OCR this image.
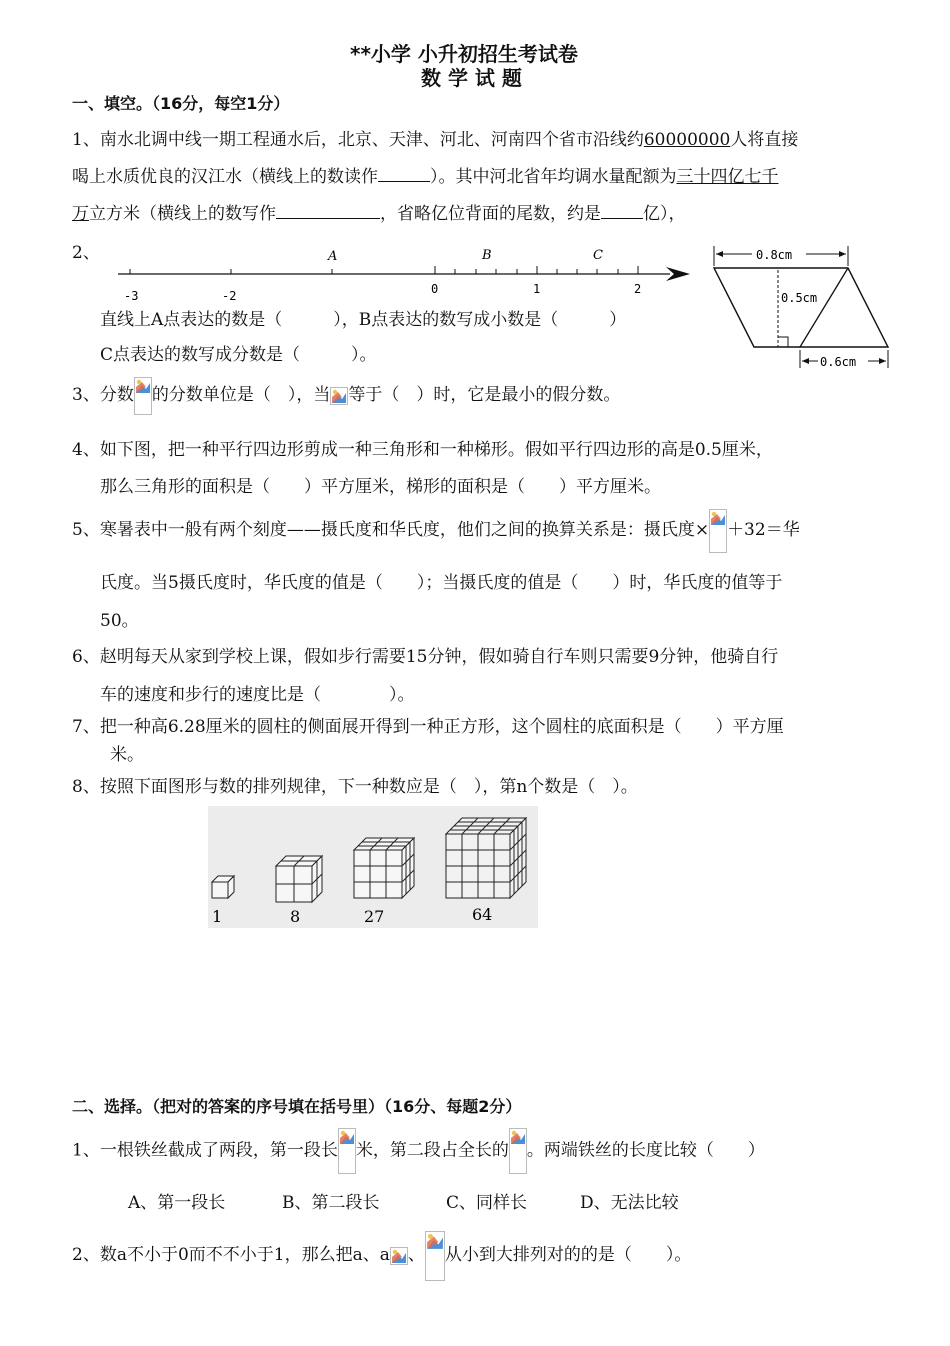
**小学 小升初招生考试卷
数 学 试 题
一、填空。（16分，每空1分）
1、南水北调中线一期工程通水后，北京、天津、河北、河南四个省市沿线约60000000人将直接
喝上水质优良的汉江水（横线上的数读作	）。其中河北省年均调水量配额为三十四亿七千
万立方米（横线上的数写作	，省略亿位背面的尾数，约是 亿），
2、
-3	-2	0	1	2
A	B	C	0.8cm
0.5cm
0.6cm
直线上A点表达的数是（　　　），B点表达的数写成小数是（　　　）
C点表达的数写成分数是（　　　）。
3、分数 的分数单位是（　），当 等于（　）时，它是最小的假分数。
4、如下图，把一种平行四边形剪成一种三角形和一种梯形。假如平行四边形的高是0.5厘米，
那么三角形的面积是（　　）平方厘米，梯形的面积是（　　）平方厘米。
5、寒暑表中一般有两个刻度——摄氏度和华氏度，他们之间的换算关系是：摄氏度× ＋32＝华
氏度。当5摄氏度时，华氏度的值是（　　）；当摄氏度的值是（　　）时，华氏度的值等于
50。
6、赵明每天从家到学校上课，假如步行需要15分钟，假如骑自行车则只需要9分钟，他骑自行
车的速度和步行的速度比是（　　　　）。
7、把一种高6.28厘米的圆柱的侧面展开得到一种正方形，这个圆柱的底面积是（　　）平方厘
米。
8、按照下面图形与数的排列规律，下一种数应是（　），第n个数是（　）。
1	8	27	64
二、选择。（把对的答案的序号填在括号里）（16分、每题2分）
1、一根铁丝截成了两段，第一段长 米，第二段占全长的 。两端铁丝的长度比较（　　）
A、第一段长	B、第二段长	C、同样长	D、无法比较
2、数a不小于0而不不小于1，那么把a、a 、 从小到大排列对的的是（　　）。
